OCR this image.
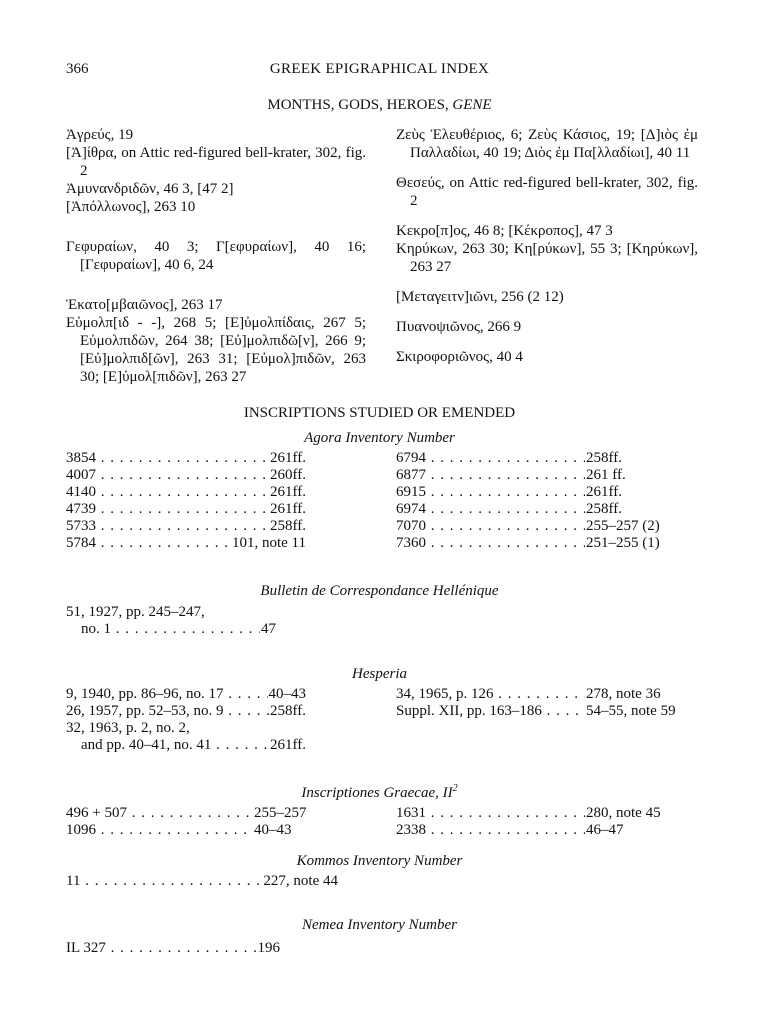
366	GREEK EPIGRAPHICAL INDEX
MONTHS, GODS, HEROES, GENE
Ἀγρεύς, 19
[Ἀ]ίθρα, on Attic red-figured bell-krater, 302, fig. 2
Ἀμυνανδριδῶν, 46 3, [47 2]
[Ἀπόλλωνος], 263 10
Γεφυραίων, 40 3; Γ[εφυραίων], 40 16; [Γεφυραίων], 40 6, 24
Ἑκατο[μβαιῶνος], 263 17
Εὐμολπ[ιδ - -], 268 5; [Ε]ὐμολπίδαις, 267 5; Εὐμολπιδῶν, 264 38; [Εὐ]μολπιδῶ[ν], 266 9; [Εὐ]μολπιδ[ῶν], 263 31; [Εὐμολ]πιδῶν, 263 30; [Ε]ὐμολ[πιδῶν], 263 27
Ζεὺς Ἐλευθέριος, 6; Ζεὺς Κάσιος, 19; [Δ]ιὸς ἐμ Παλλαδίωι, 40 19; Διὸς ἐμ Πα[λλαδίωι], 40 11
Θεσεύς, on Attic red-figured bell-krater, 302, fig. 2
Κεκρο[π]ος, 46 8; [Κέκροπος], 47 3
Κηρύκων, 263 30; Κη[ρύκων], 55 3; [Κηρύκων], 263 27
[Μεταγειτν]ιῶνι, 256 (2 12)
Πυανοψιῶνος, 266 9
Σκιροφοριῶνος, 40 4
INSCRIPTIONS STUDIED OR EMENDED
Agora Inventory Number
3854 . . .	261ff.
4007 . . .	260ff.
4140 . . .	261ff.
4739 . . .	261ff.
5733 . . .	258ff.
5784 . . .	101, note 11
6794 . . .	258ff.
6877 . . .	261 ff.
6915 . . .	261ff.
6974 . . .	258ff.
7070 . . .	255–257 (2)
7360 . . .	251–255 (1)
Bulletin de Correspondance Hellénique
51, 1927, pp. 245–247,
no. 1 . . .	47
Hesperia
9, 1940, pp. 86–96, no. 17 . . .	40–43
26, 1957, pp. 52–53, no. 9 . . .	258ff.
32, 1963, p. 2, no. 2,
and pp. 40–41, no. 41 . . .	261ff.
34, 1965, p. 126 . . .	278, note 36
Suppl. XII, pp. 163–186 . . .	54–55, note 59
Inscriptiones Graecae, $II^2$
496 + 507 . . .	255–257
1096 . . .	40–43
1631 . . .	280, note 45
2338 . . .	46–47
Kommos Inventory Number
11 . . .	227, note 44
Nemea Inventory Number
IL 327 . . .	196
